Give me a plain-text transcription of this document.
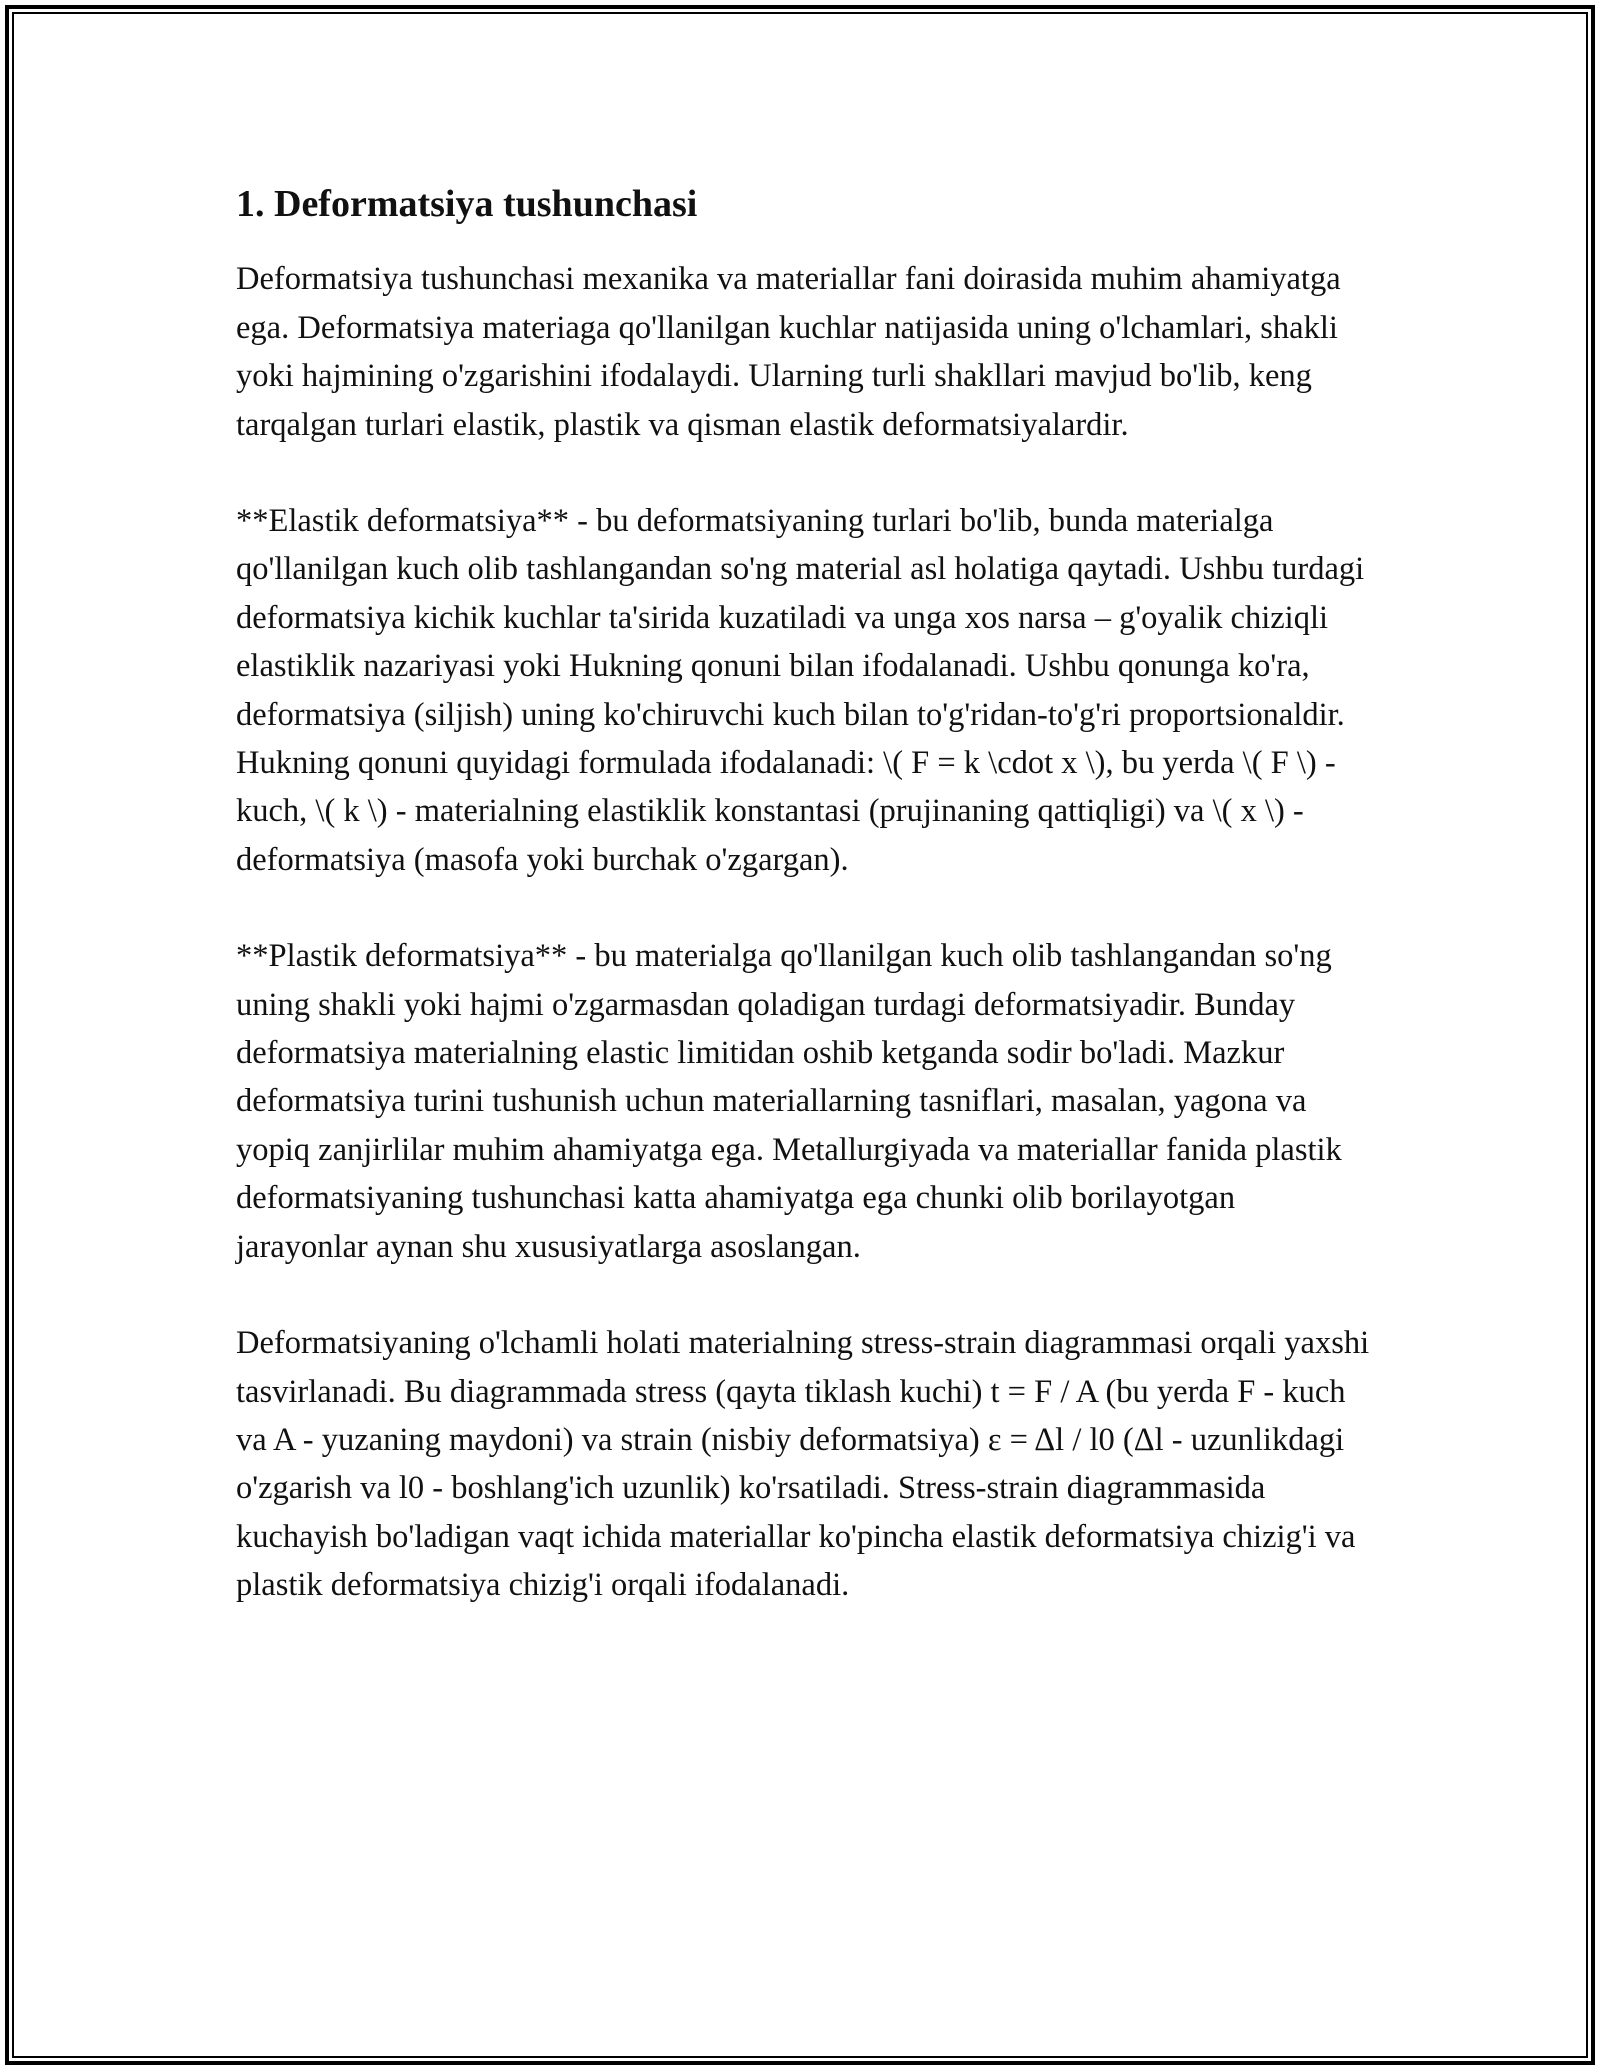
1. Deformatsiya tushunchasi

Deformatsiya tushunchasi mexanika va materiallar fani doirasida muhim ahamiyatga ega. Deformatsiya materiaga qo'llanilgan kuchlar natijasida uning o'lchamlari, shakli yoki hajmining o'zgarishini ifodalaydi. Ularning turli shakllari mavjud bo'lib, keng tarqalgan turlari elastik, plastik va qisman elastik deformatsiyalardir.

**Elastik deformatsiya** - bu deformatsiyaning turlari bo'lib, bunda materialga qo'llanilgan kuch olib tashlangandan so'ng material asl holatiga qaytadi. Ushbu turdagi deformatsiya kichik kuchlar ta'sirida kuzatiladi va unga xos narsa – g'oyalik chiziqli elastiklik nazariyasi yoki Hukning qonuni bilan ifodalanadi. Ushbu qonunga ko'ra, deformatsiya (siljish) uning ko'chiruvchi kuch bilan to'g'ridan-to'g'ri proportsionaldir. Hukning qonuni quyidagi formulada ifodalanadi: \( F = k \cdot x \), bu yerda \( F \) - kuch, \( k \) - materialning elastiklik konstantasi (prujinaning qattiqligi) va \( x \) - deformatsiya (masofa yoki burchak o'zgargan).

**Plastik deformatsiya** - bu materialga qo'llanilgan kuch olib tashlangandan so'ng uning shakli yoki hajmi o'zgarmasdan qoladigan turdagi deformatsiyadir. Bunday deformatsiya materialning elastic limitidan oshib ketganda sodir bo'ladi. Mazkur deformatsiya turini tushunish uchun materiallarning tasniflari, masalan, yagona va yopiq zanjirlilar muhim ahamiyatga ega. Metallurgiyada va materiallar fanida plastik deformatsiyaning tushunchasi katta ahamiyatga ega chunki olib borilayotgan jarayonlar aynan shu xususiyatlarga asoslangan.

Deformatsiyaning o'lchamli holati materialning stress-strain diagrammasi orqali yaxshi tasvirlanadi. Bu diagrammada stress (qayta tiklash kuchi) t = F / A (bu yerda F - kuch va A - yuzaning maydoni) va strain (nisbiy deformatsiya) ε = Δl / l0 (Δl - uzunlikdagi o'zgarish va l0 - boshlang'ich uzunlik) ko'rsatiladi. Stress-strain diagrammasida kuchayish bo'ladigan vaqt ichida materiallar ko'pincha elastik deformatsiya chizig'i va plastik deformatsiya chizig'i orqali ifodalanadi.
